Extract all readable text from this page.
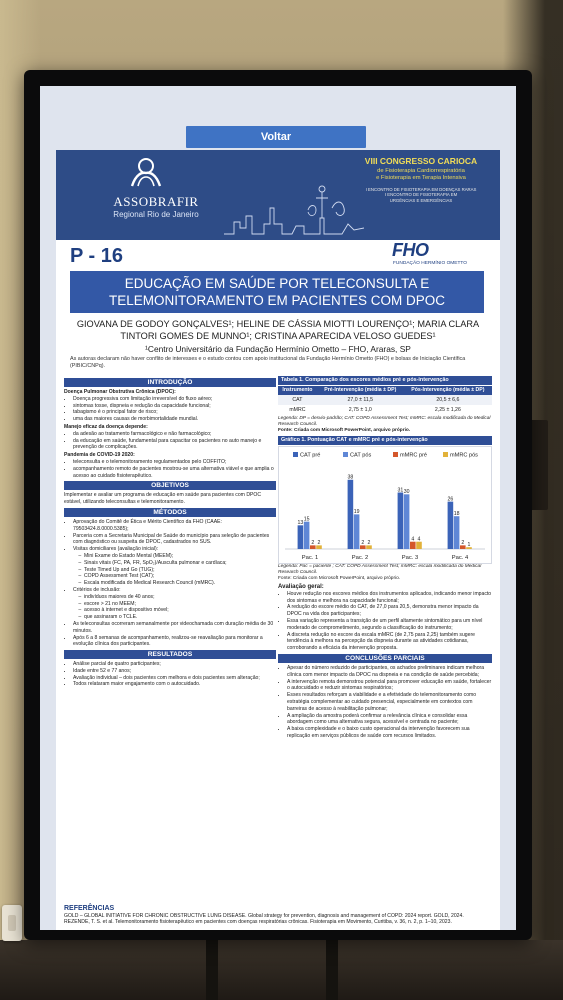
Voltar
ASSOBRAFIR
Regional Rio de Janeiro
VIII CONGRESSO CARIOCA
de Fisioterapia Cardiorrespiratória
e Fisioterapia em Terapia Intensiva
I ENCONTRO DE FISIOTERAPIA EM DOENÇAS RARAS
I ENCONTRO DE FISIOTERAPIA EM
URGÊNCIAS E EMERGÊNCIAS
P - 16	FHO
FUNDAÇÃO HERMÍNIO OMETTO
EDUCAÇÃO EM SAÚDE POR TELECONSULTA E
TELEMONITORAMENTO EM PACIENTES COM DPOC
GIOVANA DE GODOY GONÇALVES¹; HELINE DE CÁSSIA MIOTTI LOURENÇO¹; MARIA CLARA
TINTORI GOMES DE MUNNO¹; CRISTINA APARECIDA VELOSO GUEDES¹
¹Centro Universitário da Fundação Hermínio Ometto – FHO, Araras, SP
As autoras declaram não haver conflito de interesses e o estudo contou com apoio institucional da Fundação Hermínio Ometto (FHO) e bolsas de Iniciação Científica (PIBIC/CNPq).
INTRODUÇÃO
Doença Pulmonar Obstrutiva Crônica (DPOC):
• Doença progressiva com limitação irreversível do fluxo aéreo;
• sintomas tosse, dispneia e redução da capacidade funcional;
• tabagismo é o principal fator de risco;
• uma das maiores causas de morbimortalidade mundial.
Manejo eficaz da doença depende:
• da adesão ao tratamento farmacológico e não farmacológico;
• da educação em saúde, fundamental para capacitar os pacientes no auto manejo e prevenção de complicações.
Pandemia de COVID-19 2020:
• teleconsulta e o telemonitoramento regulamentados pelo COFFITO;
• acompanhamento remoto de pacientes mostrou-se uma alternativa viável e que amplia o acesso ao cuidado fisioterapêutico.
OBJETIVOS
Implementar e avaliar um programa de educação em saúde para pacientes com DPOC estável, utilizando teleconsultas e telemonitoramento.
MÉTODOS
• Aprovação do Comitê de Ética e Mérito Científico da FHO (CAAE: 79503424.8.0000.5385);
• Parceria com a Secretaria Municipal de Saúde do município para seleção de pacientes com diagnóstico ou suspeita de DPOC, cadastrados no SUS.
• Visitas domiciliares (avaliação inicial):
– Mini Exame do Estado Mental (MEEM);
– Sinais vitais (FC, PA, FR, SpO₂)/Ausculta pulmonar e cardíaca;
– Teste Timed Up and Go (TUG);
– COPD Assessment Test (CAT);
– Escala modificada do Medical Research Council (mMRC).
• Critérios de inclusão:
– indivíduos maiores de 40 anos;
– escore > 21 no MEEM;
– acesso à internet e dispositivo móvel;
– que assinaram o TCLE.
• As teleconsultas ocorreram semanalmente por videochamada com duração média de 30 minutos.
• Após 6 a 8 semanas de acompanhamento, realizou-se reavaliação para monitorar a evolução clínica dos participantes.
RESULTADOS
• Análise parcial de quatro participantes;
• Idade entre 52 e 77 anos;
• Avaliação individual – dois pacientes com melhora e dois pacientes sem alteração;
• Todos relataram maior engajamento com o autocuidado.
Tabela 1. Comparação dos escores médios pré e pós-intervenção
Instrumento	Pré-Intervenção (média ± DP)	Pós-Intervenção (média ± DP)
CAT	27,0 ± 11,5	20,5 ± 6,6
mMRC	2,75 ± 1,0	2,25 ± 1,26
Legenda: DP = desvio-padrão; CAT: COPD Assessment Test; mMRC: escala modificada do Medical Research Council.
Fonte: Criada com Microsoft PowerPoint, arquivo próprio.
Gráfico 1. Pontuação CAT e mMRC pré e pós-intervenção
CAT pré	CAT pós	mMRC pré	mMRC pós
13
15
2 2
Pac. 1
38
19
2 2
Pac. 2
31 30
4 4
Pac. 3
26
18
2 1
Pac. 4
Legenda: Pac = paciente ; CAT: COPD Assessment Test; mMRC: escala modificada do Medical Research Council.
Fonte: Criada com Microsoft PowerPoint, arquivo próprio.
Avaliação geral:
• Houve redução nos escores médios dos instrumentos aplicados, indicando menor impacto dos sintomas e melhora na capacidade funcional;
• A redução do escore médio do CAT, de 27,0 para 20,5, demonstra menor impacto da DPOC na vida dos participantes;
• Essa variação representa a transição de um perfil altamente sintomático para um nível moderado de comprometimento, segundo a classificação do instrumento;
• A discreta redução no escore da escala mMRC (de 2,75 para 2,25) também sugere tendência à melhora na percepção da dispneia durante as atividades cotidianas, corroborando a eficácia da intervenção proposta.
CONCLUSÕES PARCIAIS
• Apesar do número reduzido de participantes, os achados preliminares indicam melhora clínica com menor impacto da DPOC na dispneia e na condição de saúde percebida;
• A intervenção remota demonstrou potencial para promover educação em saúde, fortalecer o autocuidado e reduzir sintomas respiratórios;
• Esses resultados reforçam a viabilidade e a efetividade do telemonitoramento como estratégia complementar ao cuidado presencial, especialmente em contextos com barreiras de acesso à reabilitação pulmonar;
• A ampliação da amostra poderá confirmar a relevância clínica e consolidar essa abordagem como uma alternativa segura, acessível e centrada no paciente;
• A baixa complexidade e o baixo custo operacional da intervenção favorecem sua replicação em serviços públicos de saúde com recursos limitados.
REFERÊNCIAS
GOLD – GLOBAL INITIATIVE FOR CHRONIC OBSTRUCTIVE LUNG DISEASE. Global strategy for prevention, diagnosis and management of COPD: 2024 report. GOLD, 2024.
REZENDE, T. S. et al. Telemonitoramento fisioterapêutico em pacientes com doenças respiratórias crônicas. Fisioterapia em Movimento, Curitiba, v. 36, n. 2, p. 1–10, 2023.
